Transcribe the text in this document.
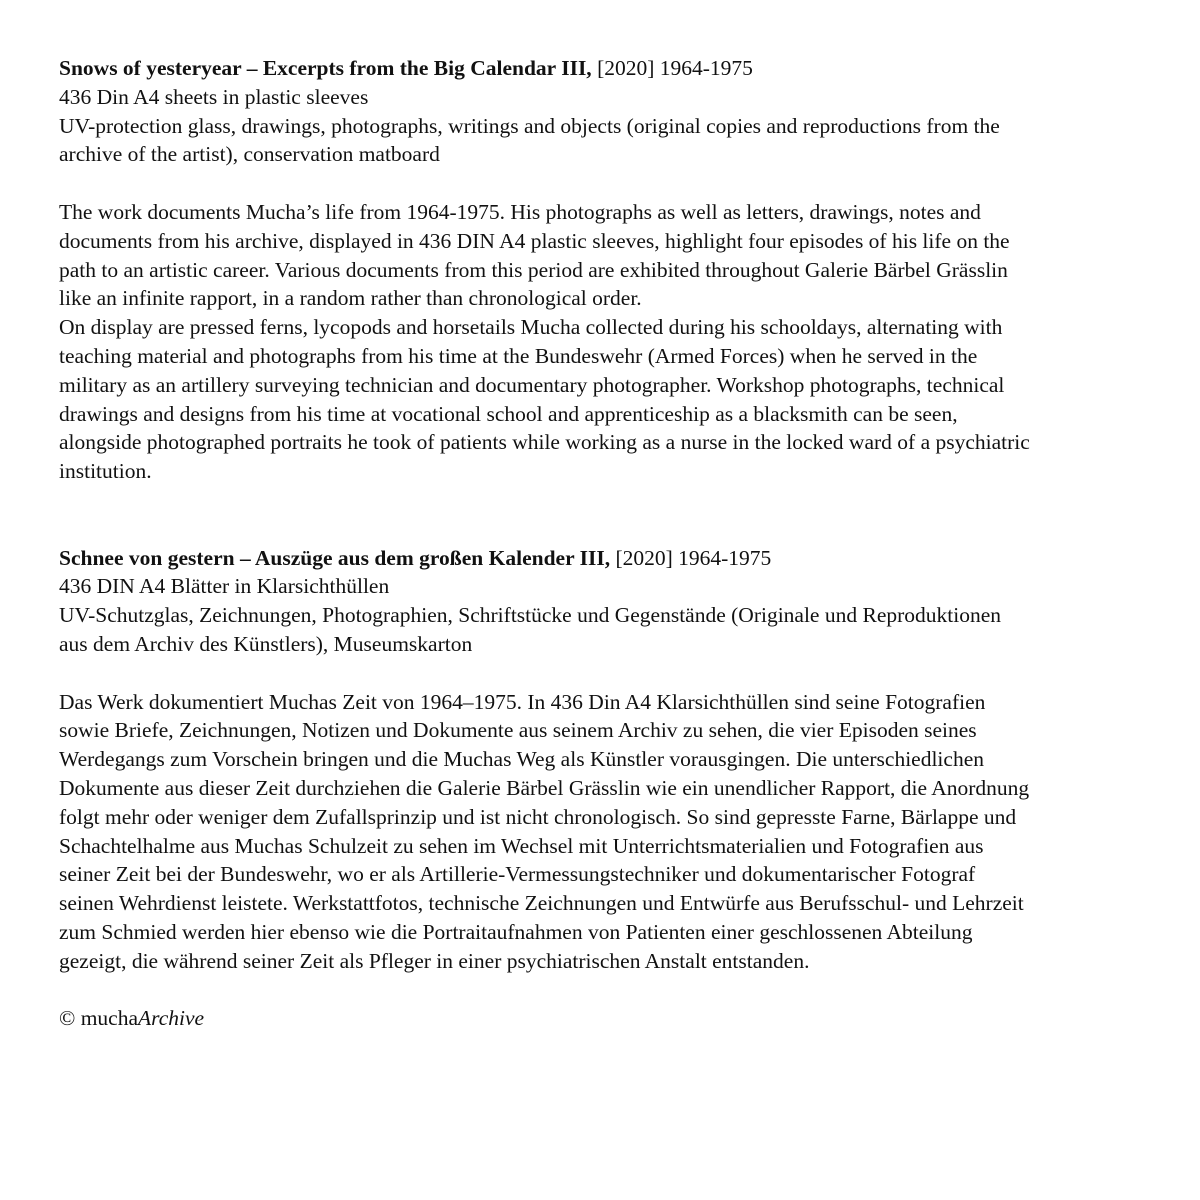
Snows of yesteryear – Excerpts from the Big Calendar III, [2020] 1964-1975
436 Din A4 sheets in plastic sleeves
UV-protection glass, drawings, photographs, writings and objects (original copies and reproductions from the
archive of the artist), conservation matboard
The work documents Mucha’s life from 1964-1975. His photographs as well as letters, drawings, notes and
documents from his archive, displayed in 436 DIN A4 plastic sleeves, highlight four episodes of his life on the
path to an artistic career. Various documents from this period are exhibited throughout Galerie Bärbel Grässlin
like an infinite rapport, in a random rather than chronological order.
On display are pressed ferns, lycopods and horsetails Mucha collected during his schooldays, alternating with
teaching material and photographs from his time at the Bundeswehr (Armed Forces) when he served in the
military as an artillery surveying technician and documentary photographer. Workshop photographs, technical
drawings and designs from his time at vocational school and apprenticeship as a blacksmith can be seen,
alongside photographed portraits he took of patients while working as a nurse in the locked ward of a psychiatric
institution.
Schnee von gestern – Auszüge aus dem großen Kalender III, [2020] 1964-1975
436 DIN A4 Blätter in Klarsichthüllen
UV-Schutzglas, Zeichnungen, Photographien, Schriftstücke und Gegenstände (Originale und Reproduktionen
aus dem Archiv des Künstlers), Museumskarton
Das Werk dokumentiert Muchas Zeit von 1964–1975. In 436 Din A4 Klarsichthüllen sind seine Fotografien
sowie Briefe, Zeichnungen, Notizen und Dokumente aus seinem Archiv zu sehen, die vier Episoden seines
Werdegangs zum Vorschein bringen und die Muchas Weg als Künstler vorausgingen. Die unterschiedlichen
Dokumente aus dieser Zeit durchziehen die Galerie Bärbel Grässlin wie ein unendlicher Rapport, die Anordnung
folgt mehr oder weniger dem Zufallsprinzip und ist nicht chronologisch. So sind gepresste Farne, Bärlappe und
Schachtelhalme aus Muchas Schulzeit zu sehen im Wechsel mit Unterrichtsmaterialien und Fotografien aus
seiner Zeit bei der Bundeswehr, wo er als Artillerie-Vermessungstechniker und dokumentarischer Fotograf
seinen Wehrdienst leistete. Werkstattfotos, technische Zeichnungen und Entwürfe aus Berufsschul- und Lehrzeit
zum Schmied werden hier ebenso wie die Portraitaufnahmen von Patienten einer geschlossenen Abteilung
gezeigt, die während seiner Zeit als Pfleger in einer psychiatrischen Anstalt entstanden.
© muchaArchive
